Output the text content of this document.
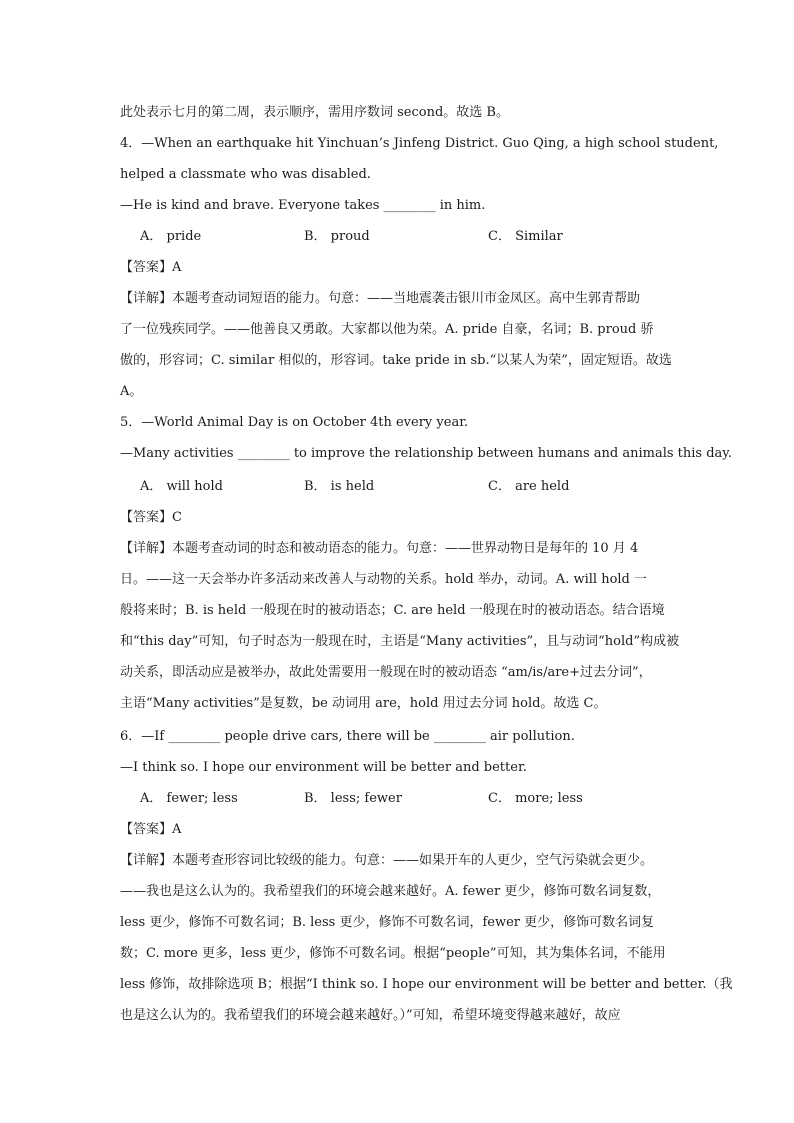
此处表示七月的第二周，表示顺序，需用序数词 second。故选 B。
4．—When an earthquake hit Yinchuan’s Jinfeng District. Guo Qing, a high school student,
helped a classmate who was disabled.
—He is kind and brave. Everyone takes ________ in him.
A． pride	B． proud	C． Similar
【答案】A
【详解】本题考查动词短语的能力。句意：——当地震袭击银川市金凤区。高中生郭青帮助
了一位残疾同学。——他善良又勇敢。大家都以他为荣。A. pride 自豪，名词；B. proud 骄
傲的，形容词；C. similar 相似的，形容词。take pride in sb.“以某人为荣”，固定短语。故选
A。
5．—World Animal Day is on October 4th every year.
—Many activities ________ to improve the relationship between humans and animals this day.
A． will hold	B． is held	C． are held
【答案】C
【详解】本题考查动词的时态和被动语态的能力。句意：——世界动物日是每年的 10 月 4
日。——这一天会举办许多活动来改善人与动物的关系。hold 举办，动词。A. will hold 一
般将来时；B. is held 一般现在时的被动语态；C. are held 一般现在时的被动语态。结合语境
和“this day”可知，句子时态为一般现在时，主语是“Many activities”，且与动词“hold”构成被
动关系，即活动应是被举办，故此处需要用一般现在时的被动语态 “am/is/are+过去分词”，
主语“Many activities”是复数，be 动词用 are，hold 用过去分词 hold。故选 C。
6．—If ________ people drive cars, there will be ________ air pollution.
—I think so. I hope our environment will be better and better.
A． fewer; less	B． less; fewer	C． more; less
【答案】A
【详解】本题考查形容词比较级的能力。句意：——如果开车的人更少，空气污染就会更少。
——我也是这么认为的。我希望我们的环境会越来越好。A. fewer 更少，修饰可数名词复数，
less 更少，修饰不可数名词；B. less 更少，修饰不可数名词，fewer 更少，修饰可数名词复
数；C. more 更多，less 更少，修饰不可数名词。根据“people”可知，其为集体名词，不能用
less 修饰，故排除选项 B；根据“I think so. I hope our environment will be better and better.（我
也是这么认为的。我希望我们的环境会越来越好。）”可知，希望环境变得越来越好，故应
